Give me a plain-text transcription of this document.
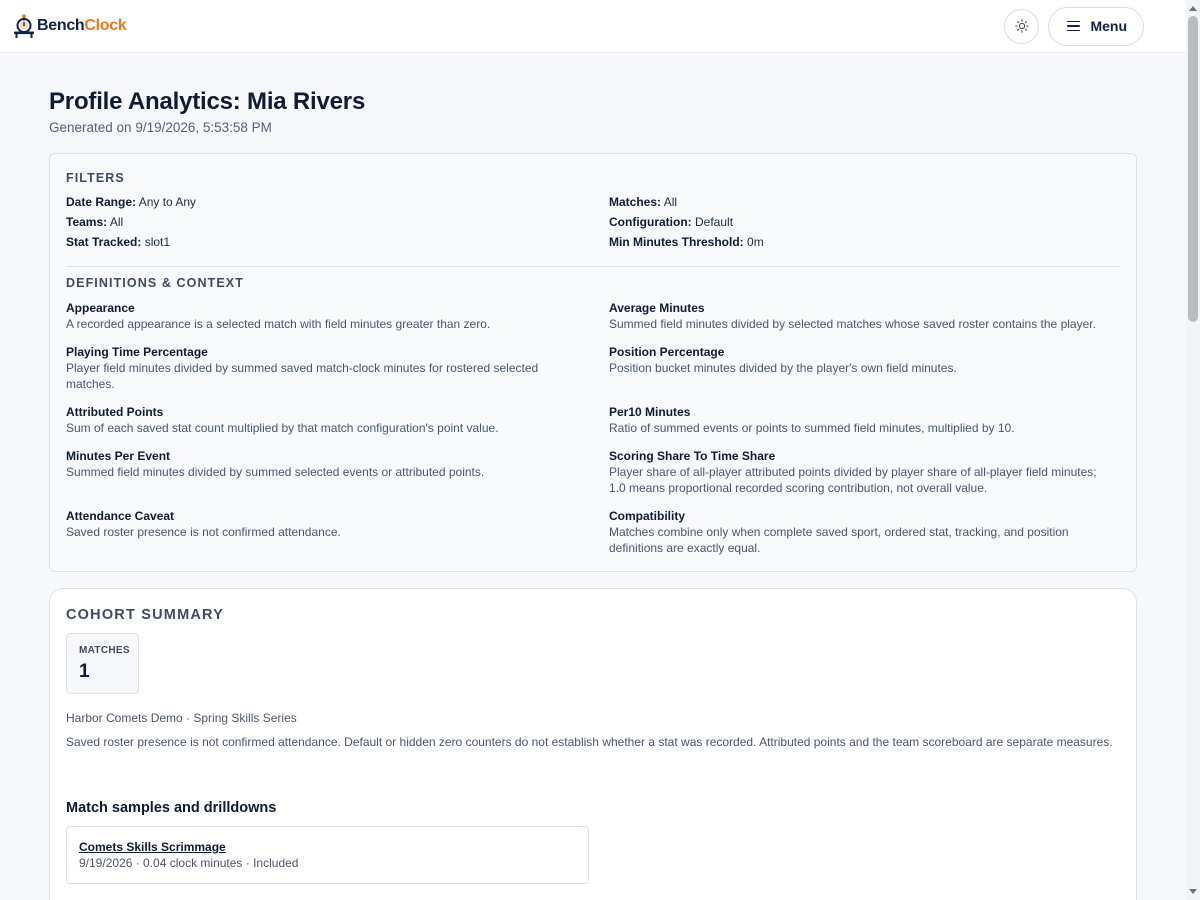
BenchClock	Menu
Profile Analytics: Mia Rivers
Generated on 9/19/2026, 5:53:58 PM
FILTERS
Date Range: Any to Any
Teams: All
Stat Tracked: slot1
Matches: All
Configuration: Default
Min Minutes Threshold: 0m
DEFINITIONS & CONTEXT
Appearance
A recorded appearance is a selected match with field minutes greater than zero.
Average Minutes
Summed field minutes divided by selected matches whose saved roster contains the player.
Playing Time Percentage
Player field minutes divided by summed saved match-clock minutes for rostered selected matches.
Position Percentage
Position bucket minutes divided by the player's own field minutes.
Attributed Points
Sum of each saved stat count multiplied by that match configuration's point value.
Per10 Minutes
Ratio of summed events or points to summed field minutes, multiplied by 10.
Minutes Per Event
Summed field minutes divided by summed selected events or attributed points.
Scoring Share To Time Share
Player share of all-player attributed points divided by player share of all-player field minutes; 1.0 means proportional recorded scoring contribution, not overall value.
Attendance Caveat
Saved roster presence is not confirmed attendance.
Compatibility
Matches combine only when complete saved sport, ordered stat, tracking, and position definitions are exactly equal.
COHORT SUMMARY
MATCHES
1
Harbor Comets Demo · Spring Skills Series
Saved roster presence is not confirmed attendance. Default or hidden zero counters do not establish whether a stat was recorded. Attributed points and the team scoreboard are separate measures.
Match samples and drilldowns
Comets Skills Scrimmage
9/19/2026 · 0.04 clock minutes · Included
